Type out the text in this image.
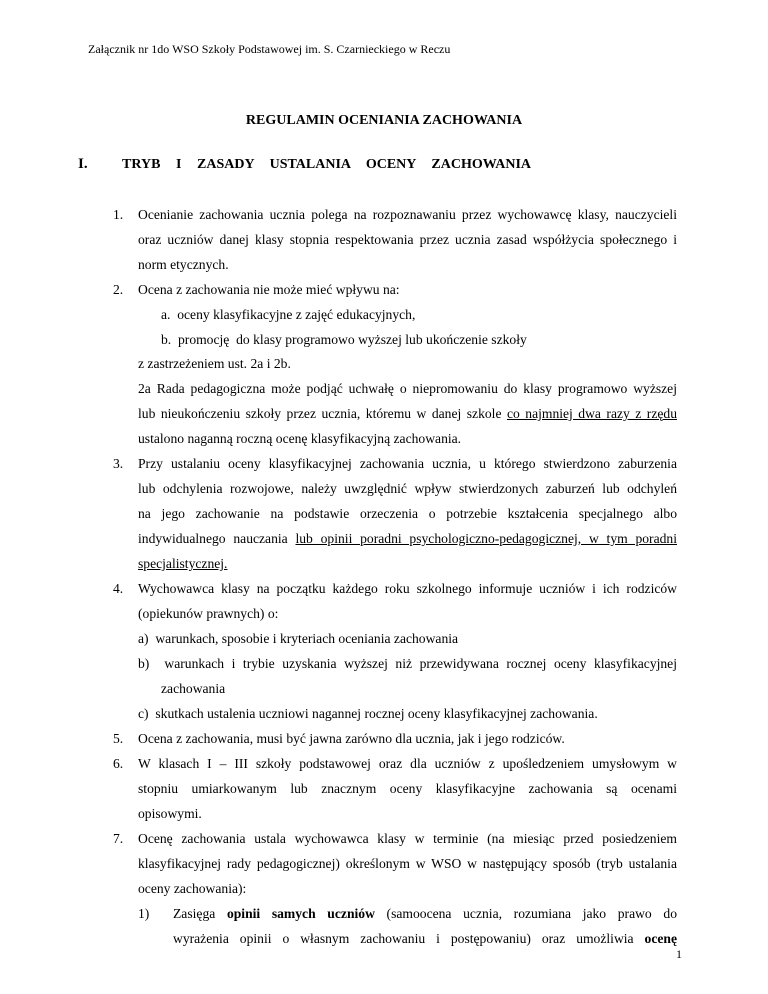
Załącznik nr 1do WSO Szkoły Podstawowej im. S. Czarnieckiego w Reczu
REGULAMIN OCENIANIA ZACHOWANIA
I. TRYB I ZASADY USTALANIA OCENY ZACHOWANIA
1. Ocenianie zachowania ucznia polega na rozpoznawaniu przez wychowawcę klasy, nauczycieli
oraz uczniów danej klasy stopnia respektowania przez ucznia zasad współżycia społecznego i
norm etycznych.
2. Ocena z zachowania nie może mieć wpływu na:
a.  oceny klasyfikacyjne z zajęć edukacyjnych,
b.  promocję  do klasy programowo wyższej lub ukończenie szkoły
z zastrzeżeniem ust. 2a i 2b.
2a Rada pedagogiczna może podjąć uchwałę o niepromowaniu do klasy programowo wyższej
lub nieukończeniu szkoły przez ucznia, któremu w danej szkole co najmniej dwa razy z rzędu
ustalono naganną roczną ocenę klasyfikacyjną zachowania.
3. Przy ustalaniu oceny klasyfikacyjnej zachowania ucznia, u którego stwierdzono zaburzenia
lub odchylenia rozwojowe, należy uwzględnić wpływ stwierdzonych zaburzeń lub odchyleń
na jego zachowanie na podstawie orzeczenia o potrzebie kształcenia specjalnego albo
indywidualnego nauczania lub opinii poradni psychologiczno-pedagogicznej, w tym poradni
specjalistycznej.
4. Wychowawca klasy na początku każdego roku szkolnego informuje uczniów i ich rodziców
(opiekunów prawnych) o:
a)  warunkach, sposobie i kryteriach oceniania zachowania
b)  warunkach i trybie uzyskania wyższej niż przewidywana rocznej oceny klasyfikacyjnej
zachowania
c)  skutkach ustalenia uczniowi nagannej rocznej oceny klasyfikacyjnej zachowania.
5. Ocena z zachowania, musi być jawna zarówno dla ucznia, jak i jego rodziców.
6. W klasach I – III szkoły podstawowej oraz dla uczniów z upośledzeniem umysłowym w
stopniu umiarkowanym lub znacznym oceny klasyfikacyjne zachowania są ocenami
opisowymi.
7. Ocenę zachowania ustala wychowawca klasy w terminie (na miesiąc przed posiedzeniem
klasyfikacyjnej rady pedagogicznej) określonym w WSO w następujący sposób (tryb ustalania
oceny zachowania):
1) Zasięga opinii samych uczniów (samoocena ucznia, rozumiana jako prawo do
wyrażenia opinii o własnym zachowaniu i postępowaniu) oraz umożliwia ocenę
1
